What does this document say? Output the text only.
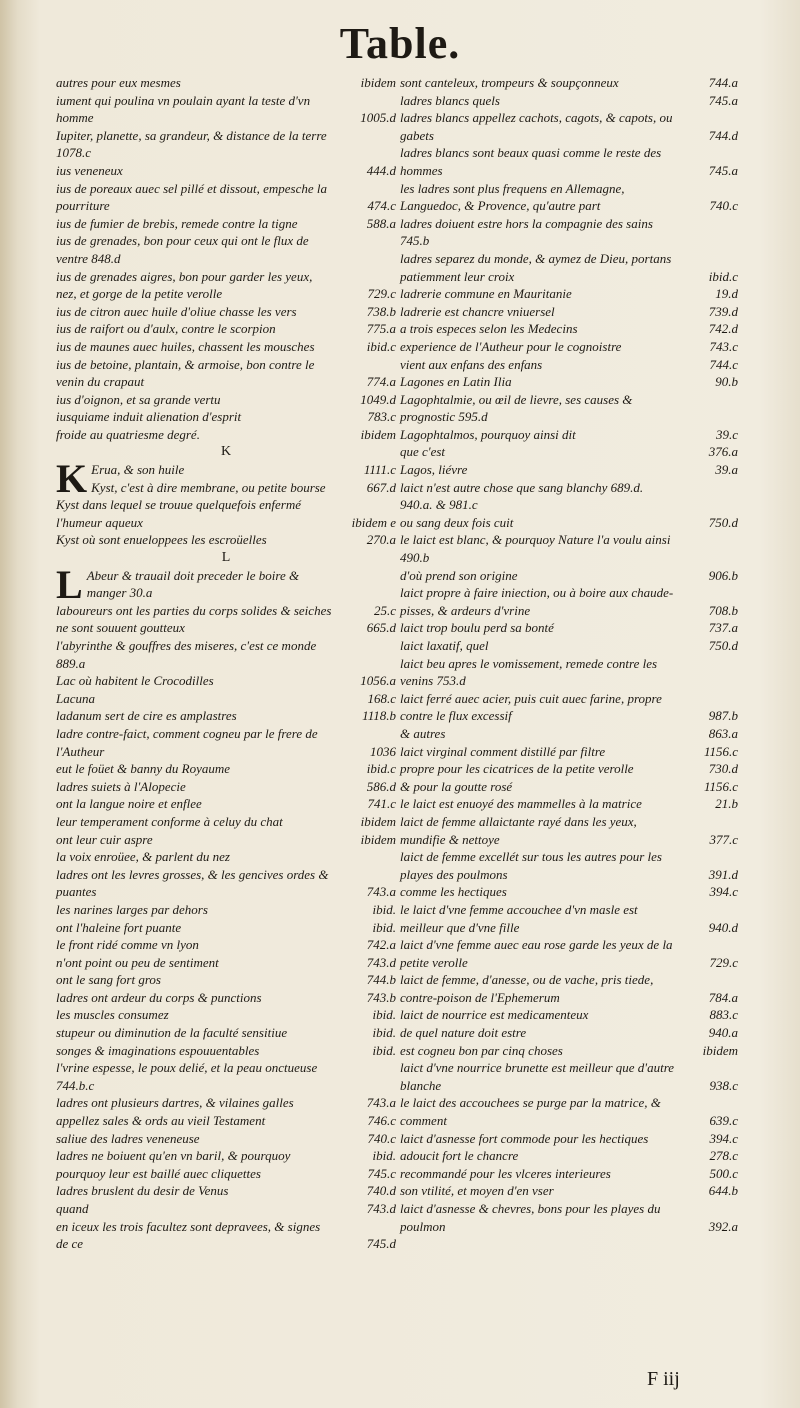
Table.
autres pour eux mesmes	ibidem
iument qui poulina vn poulain ayant la teste d'vn homme	1005.d
Iupiter, planette, sa grandeur, & distance de la terre 1078.c
ius veneneux	444.d
ius de poreaux auec sel pillé et dissout, empesche la pourriture	474.c
ius de fumier de brebis, remede contre la tigne	588.a
ius de grenades, bon pour ceux qui ont le flux de ventre 848.d
ius de grenades aigres, bon pour garder les yeux, nez, et gorge de la petite verolle	729.c
ius de citron auec huile d'oliue chasse les vers	738.b
ius de raifort ou d'aulx, contre le scorpion	775.a
ius de maunes auec huiles, chassent les mousches	ibid.c
ius de betoine, plantain, & armoise, bon contre le venin du crapaut	774.a
ius d'oignon, et sa grande vertu	1049.d
iusquiame induit alienation d'esprit	783.c
froide au quatriesme degré.	ibidem
K
K Erua, & son huile	1111.c
Kyst, c'est à dire membrane, ou petite bourse	667.d
Kyst dans lequel se trouue quelquefois enfermé l'humeur aqueux	ibidem e
Kyst où sont enueloppees les escroüelles	270.a
L
L Abeur & trauail doit preceder le boire & manger 30.a
laboureurs ont les parties du corps solides & seiches	25.c
ne sont souuent goutteux	665.d
l'abyrinthe & gouffres des miseres, c'est ce monde 889.a
Lac où habitent le Crocodilles	1056.a
Lacuna	168.c
ladanum sert de cire es amplastres	1118.b
ladre contre-faict, comment cogneu par le frere de l'Autheur	1036
eut le foüet & banny du Royaume	ibid.c
ladres suiets à l'Alopecie	586.d
ont la langue noire et enflee	741.c
leur temperament conforme à celuy du chat	ibidem
ont leur cuir aspre	ibidem
la voix enroüee, & parlent du nez
ladres ont les levres grosses, & les gencives ordes & puantes	743.a
les narines larges par dehors	ibid.
ont l'haleine fort puante	ibid.
le front ridé comme vn lyon	742.a
n'ont point ou peu de sentiment	743.d
ont le sang fort gros	744.b
ladres ont ardeur du corps & punctions	743.b
les muscles consumez	ibid.
stupeur ou diminution de la faculté sensitiue	ibid.
songes & imaginations espouuentables	ibid.
l'vrine espesse, le poux delié, et la peau onctueuse 744.b.c
ladres ont plusieurs dartres, & vilaines galles	743.a
appellez sales & ords au vieil Testament	746.c
saliue des ladres veneneuse	740.c
ladres ne boiuent qu'en vn baril, & pourquoy	ibid.
pourquoy leur est baillé auec cliquettes	745.c
ladres bruslent du desir de Venus	740.d
quand	743.d
en iceux les trois facultez sont depravees, & signes de ce	745.d
sont canteleux, trompeurs & soupçonneux	744.a
ladres blancs quels	745.a
ladres blancs appellez cachots, cagots, & capots, ou gabets	744.d
ladres blancs sont beaux quasi comme le reste des hommes	745.a
les ladres sont plus frequens en Allemagne, Languedoc, & Provence, qu'autre part	740.c
ladres doiuent estre hors la compagnie des sains 745.b
ladres separez du monde, & aymez de Dieu, portans patiemment leur croix	ibid.c
ladrerie commune en Mauritanie	19.d
ladrerie est chancre vniuersel	739.d
a trois especes selon les Medecins	742.d
experience de l'Autheur pour le cognoistre	743.c
vient aux enfans des enfans	744.c
Lagones en Latin Ilia	90.b
Lagophtalmie, ou œil de lievre, ses causes & prognostic 595.d
Lagophtalmos, pourquoy ainsi dit	39.c
que c'est	376.a
Lagos, liévre	39.a
laict n'est autre chose que sang blanchy 689.d. 940.a. & 981.c
ou sang deux fois cuit	750.d
le laict est blanc, & pourquoy Nature l'a voulu ainsi 490.b
d'où prend son origine	906.b
laict propre à faire iniection, ou à boire aux chaude-pisses, & ardeurs d'vrine	708.b
laict trop boulu perd sa bonté	737.a
laict laxatif, quel	750.d
laict beu apres le vomissement, remede contre les venins 753.d
laict ferré auec acier, puis cuit auec farine, propre contre le flux excessif	987.b
& autres	863.a
laict virginal comment distillé par filtre	1156.c
propre pour les cicatrices de la petite verolle	730.d
& pour la goutte rosé	1156.c
le laict est enuoyé des mammelles à la matrice	21.b
laict de femme allaictante rayé dans les yeux, mundifie & nettoye	377.c
laict de femme excellét sur tous les autres pour les playes des poulmons	391.d
comme les hectiques	394.c
le laict d'vne femme accouchee d'vn masle est meilleur que d'vne fille	940.d
laict d'vne femme auec eau rose garde les yeux de la petite verolle	729.c
laict de femme, d'anesse, ou de vache, pris tiede, contre-poison de l'Ephemerum	784.a
laict de nourrice est medicamenteux	883.c
de quel nature doit estre	940.a
est cogneu bon par cinq choses	ibidem
laict d'vne nourrice brunette est meilleur que d'autre blanche	938.c
le laict des accouchees se purge par la matrice, & comment	639.c
laict d'asnesse fort commode pour les hectiques	394.c
adoucit fort le chancre	278.c
recommandé pour les vlceres interieures	500.c
son vtilité, et moyen d'en vser	644.b
laict d'asnesse & chevres, bons pour les playes du poulmon	392.a
F iij
